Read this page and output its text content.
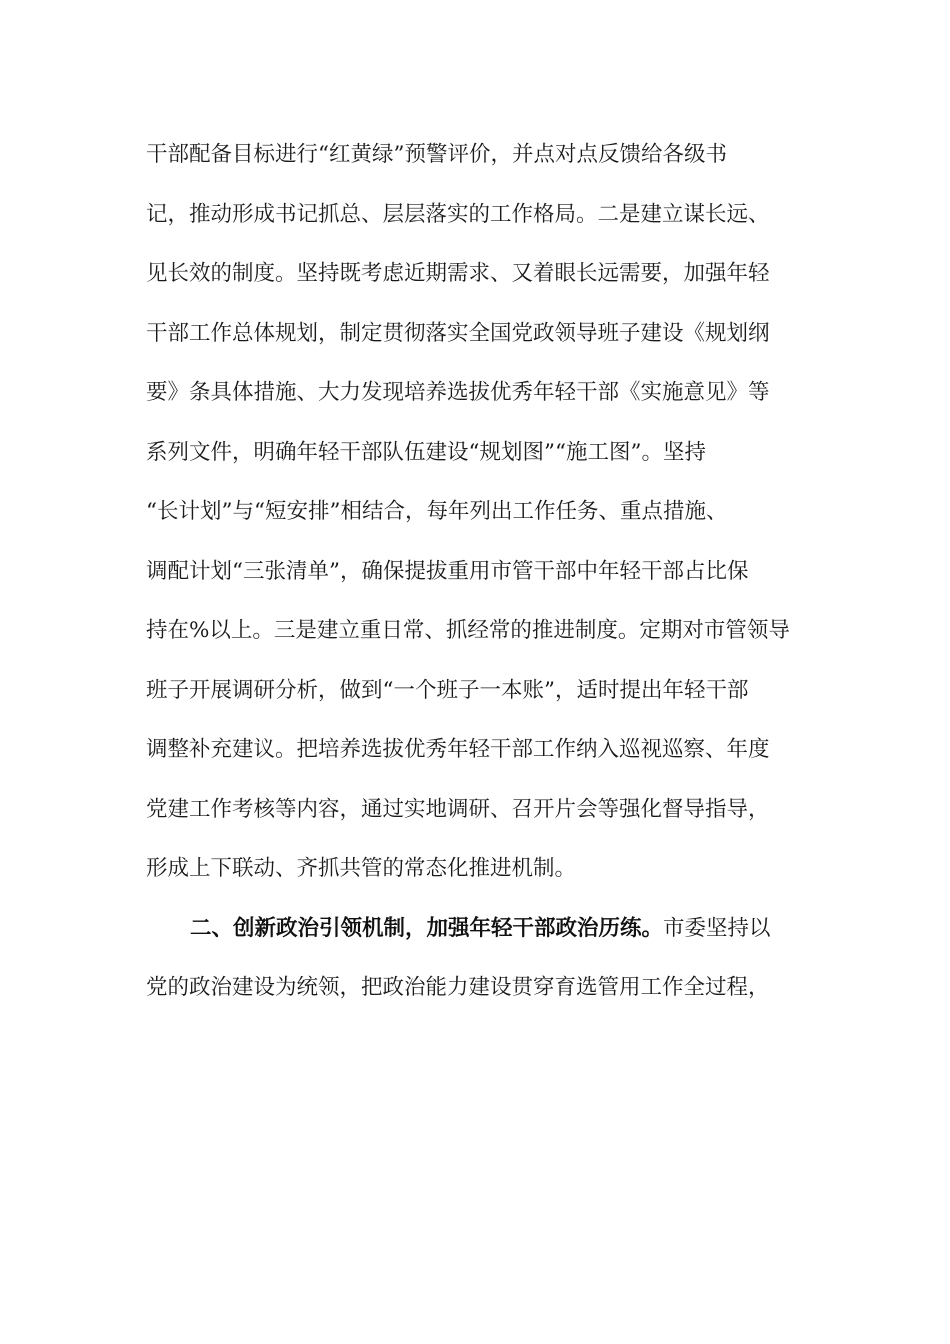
干部配备目标进行“红黄绿”预警评价，并点对点反馈给各级书
记，推动形成书记抓总、层层落实的工作格局。二是建立谋长远、
见长效的制度。坚持既考虑近期需求、又着眼长远需要，加强年轻
干部工作总体规划，制定贯彻落实全国党政领导班子建设《规划纲
要》条具体措施、大力发现培养选拔优秀年轻干部《实施意见》等
系列文件，明确年轻干部队伍建设“规划图”“施工图”。坚持
“长计划”与“短安排”相结合，每年列出工作任务、重点措施、
调配计划“三张清单”，确保提拔重用市管干部中年轻干部占比保
持在%以上。三是建立重日常、抓经常的推进制度。定期对市管领导
班子开展调研分析，做到“一个班子一本账”，适时提出年轻干部
调整补充建议。把培养选拔优秀年轻干部工作纳入巡视巡察、年度
党建工作考核等内容，通过实地调研、召开片会等强化督导指导，
形成上下联动、齐抓共管的常态化推进机制。
二、创新政治引领机制，加强年轻干部政治历练。市委坚持以
党的政治建设为统领，把政治能力建设贯穿育选管用工作全过程，
